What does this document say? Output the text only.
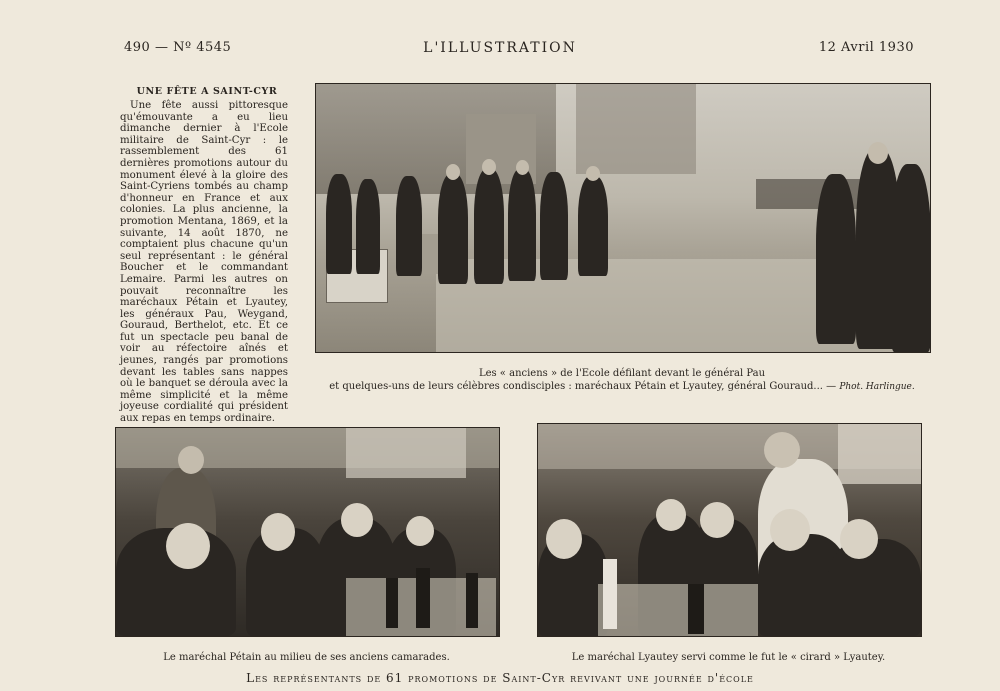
490 — Nº 4545	L'ILLUSTRATION	12 Avril 1930
UNE FÊTE A SAINT-CYR

Une fête aussi pittoresque qu'émouvante a eu lieu dimanche dernier à l'Ecole militaire de Saint-Cyr : le rassemblement des 61 dernières promotions autour du monument élevé à la gloire des Saint-Cyriens tombés au champ d'honneur en France et aux colonies. La plus ancienne, la promotion Mentana, 1869, et la suivante, 14 août 1870, ne comptaient plus chacune qu'un seul représentant : le général Boucher et le commandant Lemaire. Parmi les autres on pouvait reconnaître les maréchaux Pétain et Lyautey, les généraux Pau, Weygand, Gouraud, Berthelot, etc. Et ce fut un spectacle peu banal de voir au réfectoire aînés et jeunes, rangés par promotions devant les tables sans nappes où le banquet se déroula avec la même simplicité et la même joyeuse cordialité qui président aux repas en temps ordinaire.

Les « anciens » de l'Ecole défilant devant le général Pau
et quelques-uns de leurs célèbres condisciples : maréchaux Pétain et Lyautey, général Gouraud... — Phot. Harlingue.
Le maréchal Pétain au milieu de ses anciens camarades.	Le maréchal Lyautey servi comme le fut le « cirard » Lyautey.
Les représentants de 61 promotions de Saint-Cyr revivant une journée d'école
